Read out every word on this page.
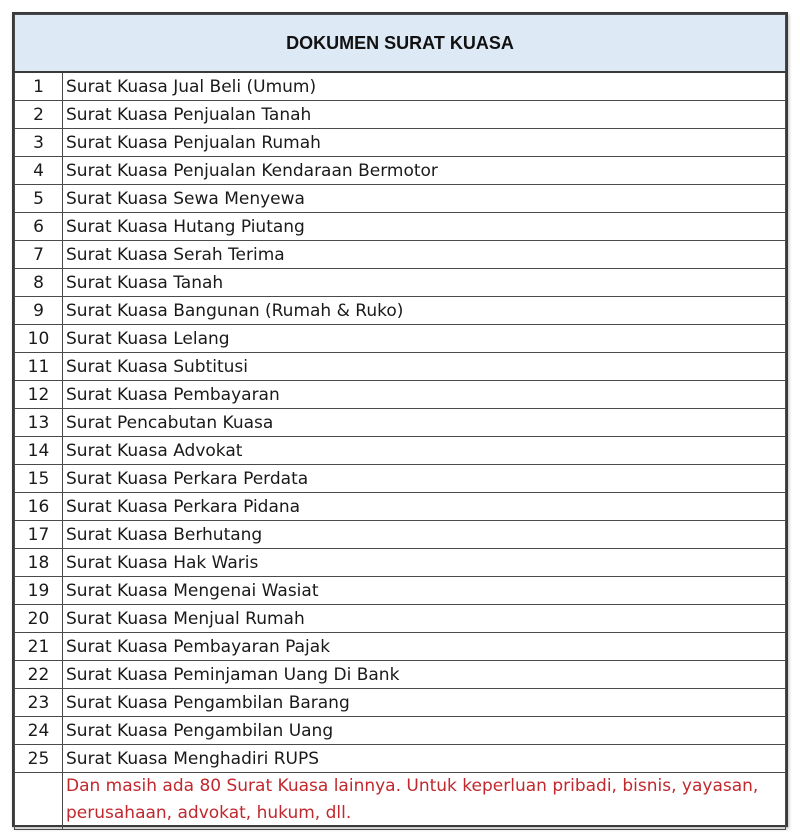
DOKUMEN SURAT KUASA	
1	Surat Kuasa Jual Beli (Umum)
2	Surat Kuasa Penjualan Tanah
3	Surat Kuasa Penjualan Rumah
4	Surat Kuasa Penjualan Kendaraan Bermotor
5	Surat Kuasa Sewa Menyewa
6	Surat Kuasa Hutang Piutang
7	Surat Kuasa Serah Terima
8	Surat Kuasa Tanah
9	Surat Kuasa Bangunan (Rumah & Ruko)
10	Surat Kuasa Lelang
11	Surat Kuasa Subtitusi
12	Surat Kuasa Pembayaran
13	Surat Pencabutan Kuasa
14	Surat Kuasa Advokat
15	Surat Kuasa Perkara Perdata
16	Surat Kuasa Perkara Pidana
17	Surat Kuasa Berhutang
18	Surat Kuasa Hak Waris
19	Surat Kuasa Mengenai Wasiat
20	Surat Kuasa Menjual Rumah
21	Surat Kuasa Pembayaran Pajak
22	Surat Kuasa Peminjaman Uang Di Bank
23	Surat Kuasa Pengambilan Barang
24	Surat Kuasa Pengambilan Uang
25	Surat Kuasa Menghadiri RUPS
	Dan masih ada 80 Surat Kuasa lainnya. Untuk keperluan pribadi, bisnis, yayasan, perusahaan, advokat, hukum, dll.
